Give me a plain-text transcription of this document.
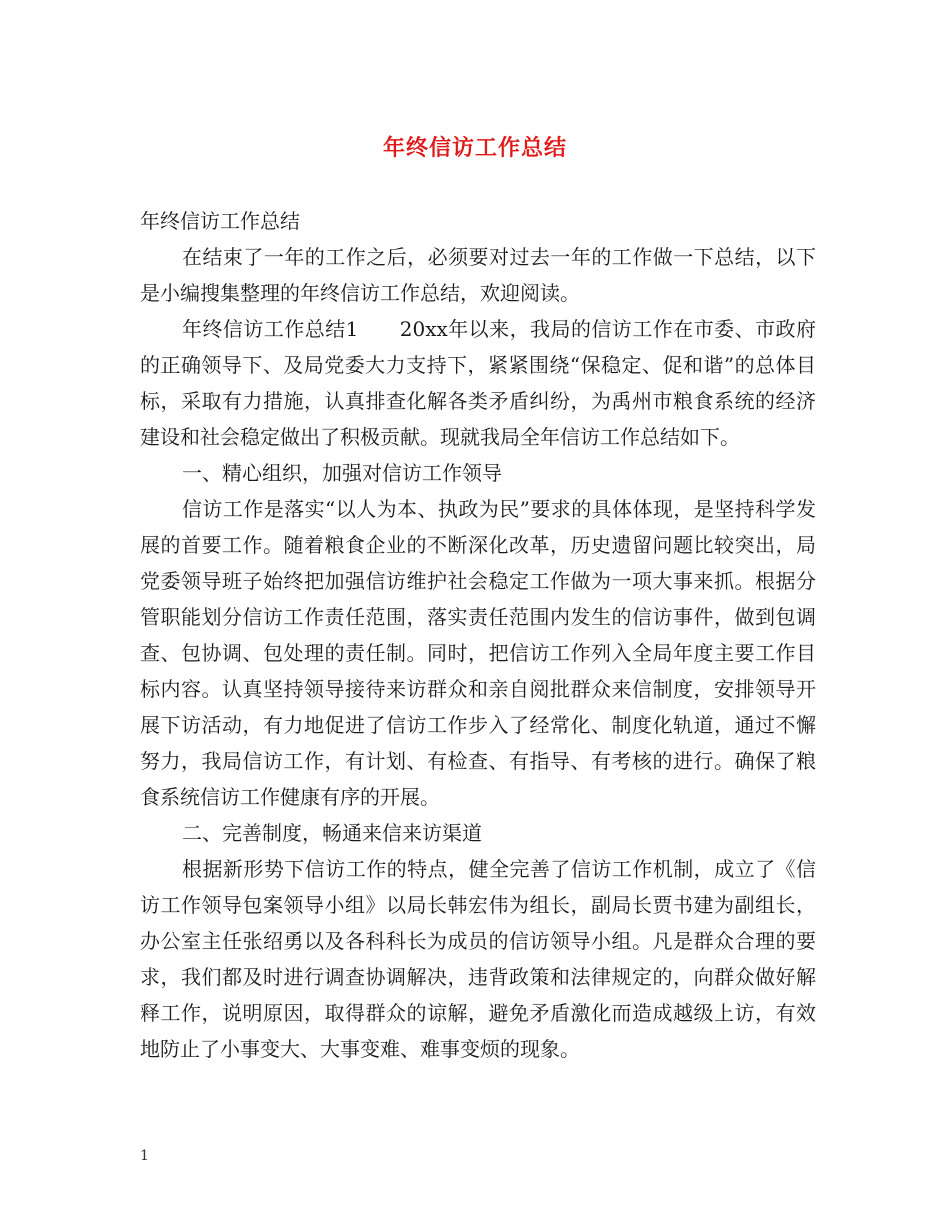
年终信访工作总结

年终信访工作总结

在结束了一年的工作之后，必须要对过去一年的工作做一下总结，以下是小编搜集整理的年终信访工作总结，欢迎阅读。

年终信访工作总结1　　20xx年以来，我局的信访工作在市委、市政府的正确领导下、及局党委大力支持下，紧紧围绕“保稳定、促和谐”的总体目标，采取有力措施，认真排查化解各类矛盾纠纷，为禹州市粮食系统的经济建设和社会稳定做出了积极贡献。现就我局全年信访工作总结如下。

一、精心组织，加强对信访工作领导

信访工作是落实“以人为本、执政为民”要求的具体体现，是坚持科学发展的首要工作。随着粮食企业的不断深化改革，历史遗留问题比较突出，局党委领导班子始终把加强信访维护社会稳定工作做为一项大事来抓。根据分管职能划分信访工作责任范围，落实责任范围内发生的信访事件，做到包调查、包协调、包处理的责任制。同时，把信访工作列入全局年度主要工作目标内容。认真坚持领导接待来访群众和亲自阅批群众来信制度，安排领导开展下访活动，有力地促进了信访工作步入了经常化、制度化轨道，通过不懈努力，我局信访工作，有计划、有检查、有指导、有考核的进行。确保了粮食系统信访工作健康有序的开展。

二、完善制度，畅通来信来访渠道

根据新形势下信访工作的特点，健全完善了信访工作机制，成立了《信访工作领导包案领导小组》以局长韩宏伟为组长，副局长贾书建为副组长，办公室主任张绍勇以及各科科长为成员的信访领导小组。凡是群众合理的要求，我们都及时进行调查协调解决，违背政策和法律规定的，向群众做好解释工作，说明原因，取得群众的谅解，避免矛盾激化而造成越级上访，有效地防止了小事变大、大事变难、难事变烦的现象。

1
